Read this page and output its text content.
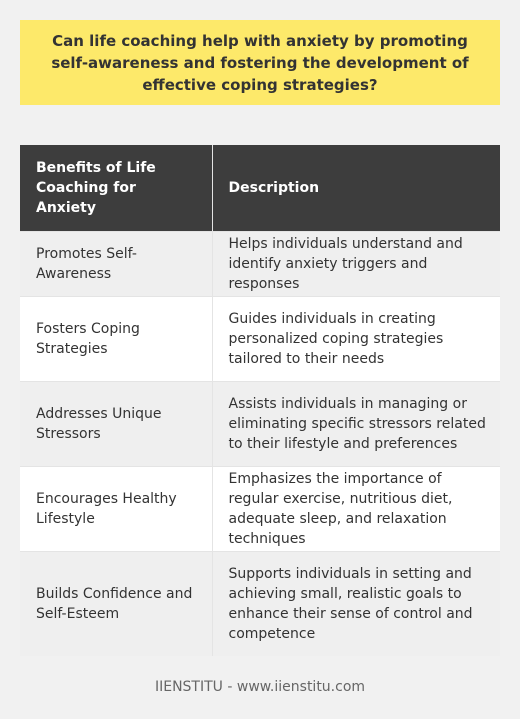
Can life coaching help with anxiety by promoting self-awareness and fostering the development of effective coping strategies?
Benefits of Life Coaching for Anxiety	Description
Promotes Self-Awareness	Helps individuals understand and identify anxiety triggers and responses
Fosters Coping Strategies	Guides individuals in creating personalized coping strategies tailored to their needs
Addresses Unique Stressors	Assists individuals in managing or eliminating specific stressors related to their lifestyle and preferences
Encourages Healthy Lifestyle	Emphasizes the importance of regular exercise, nutritious diet, adequate sleep, and relaxation techniques
Builds Confidence and Self-Esteem	Supports individuals in setting and achieving small, realistic goals to enhance their sense of control and competence
IIENSTITU - www.iienstitu.com
